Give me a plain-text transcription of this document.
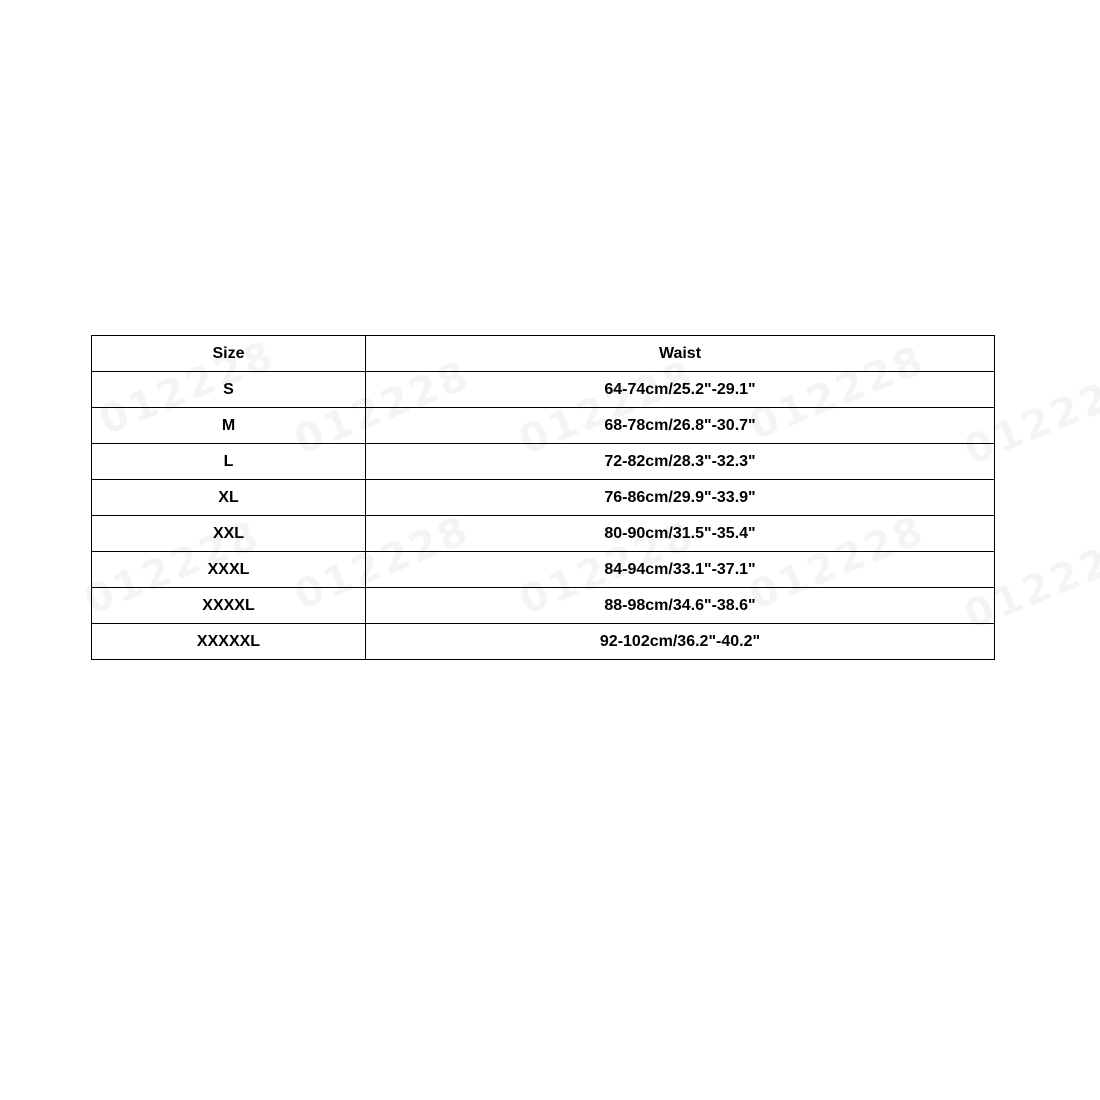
Size	Waist
S	64-74cm/25.2"-29.1"
M	68-78cm/26.8"-30.7"
L	72-82cm/28.3"-32.3"
XL	76-86cm/29.9"-33.9"
XXL	80-90cm/31.5"-35.4"
XXXL	84-94cm/33.1"-37.1"
XXXXL	88-98cm/34.6"-38.6"
XXXXXL	92-102cm/36.2"-40.2"
